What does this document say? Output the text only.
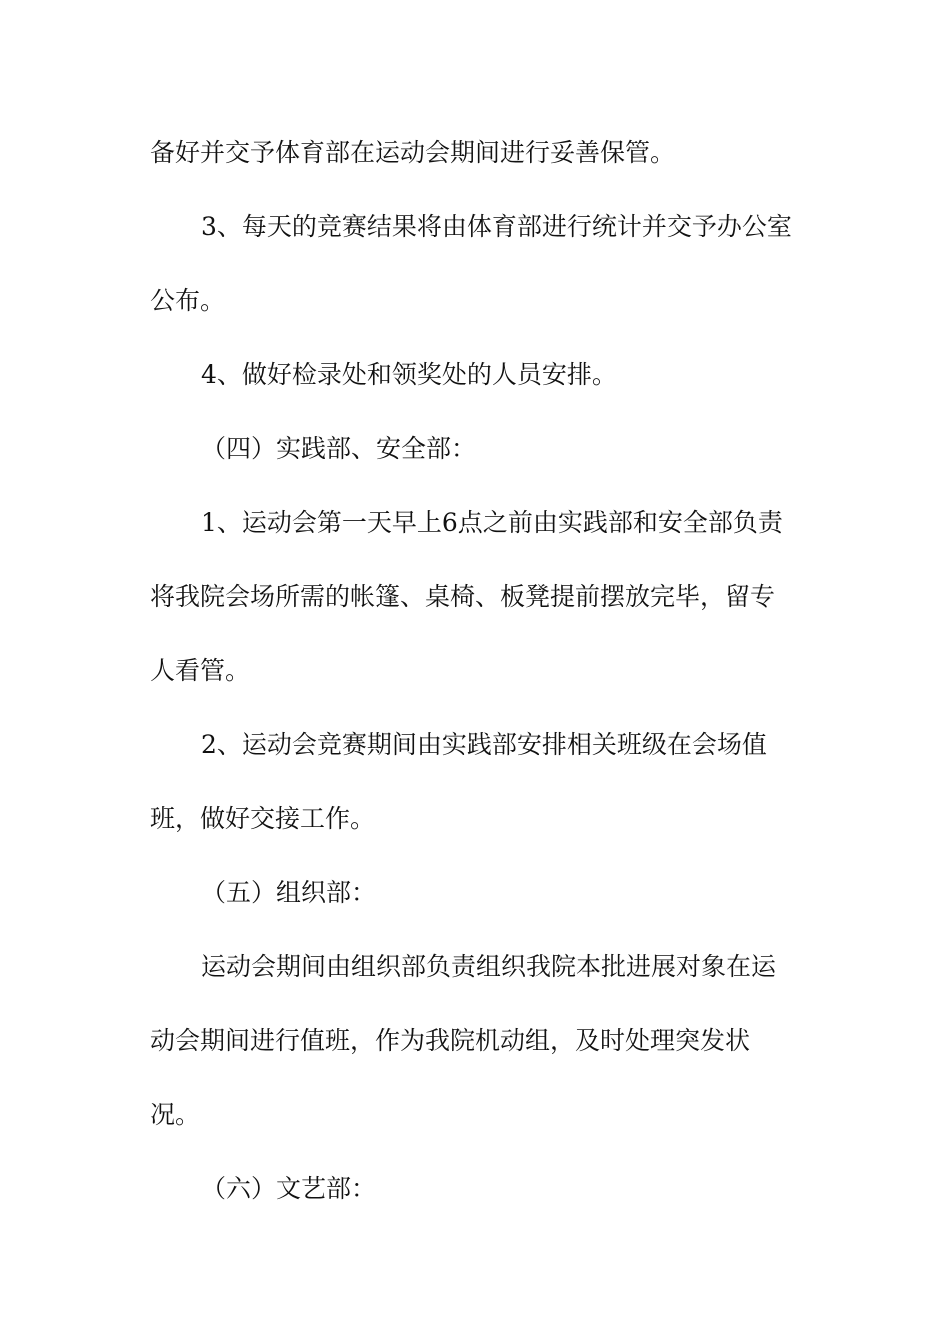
备好并交予体育部在运动会期间进行妥善保管。
3、每天的竞赛结果将由体育部进行统计并交予办公室
公布。
4、做好检录处和领奖处的人员安排。
（四）实践部、安全部：
1、运动会第一天早上6点之前由实践部和安全部负责
将我院会场所需的帐篷、桌椅、板凳提前摆放完毕，留专
人看管。
2、运动会竞赛期间由实践部安排相关班级在会场值
班，做好交接工作。
（五）组织部：
运动会期间由组织部负责组织我院本批进展对象在运
动会期间进行值班，作为我院机动组，及时处理突发状
况。
（六）文艺部：
